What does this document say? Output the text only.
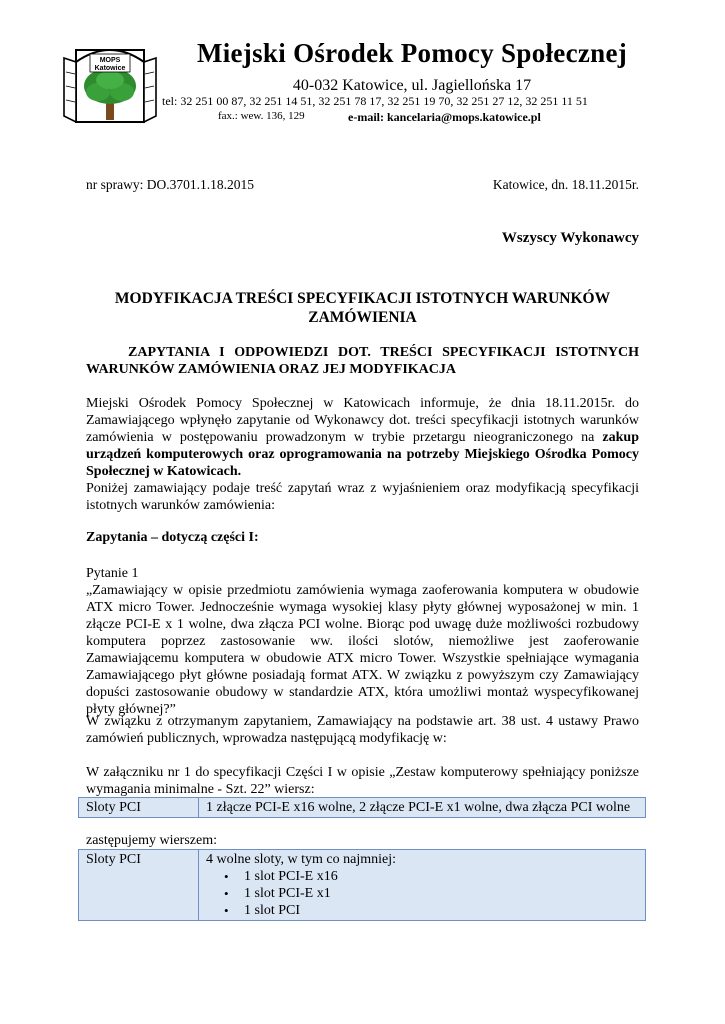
MOPS
Katowice
Miejski Ośrodek Pomocy Społecznej
40-032 Katowice, ul. Jagiellońska 17
tel: 32 251 00 87, 32 251 14 51, 32 251 78 17, 32 251 19 70, 32 251 27 12, 32 251 11 51
fax.: wew. 136, 129	e-mail: kancelaria@mops.katowice.pl
nr sprawy: DO.3701.1.18.2015	Katowice, dn. 18.11.2015r.
Wszyscy Wykonawcy
MODYFIKACJA TREŚCI SPECYFIKACJI ISTOTNYCH WARUNKÓW ZAMÓWIENIA
ZAPYTANIA I ODPOWIEDZI DOT. TREŚCI SPECYFIKACJI ISTOTNYCH WARUNKÓW ZAMÓWIENIA ORAZ JEJ MODYFIKACJA
Miejski Ośrodek Pomocy Społecznej w Katowicach informuje, że dnia 18.11.2015r. do Zamawiającego wpłynęło zapytanie od Wykonawcy dot. treści specyfikacji istotnych warunków zamówienia w postępowaniu prowadzonym w trybie przetargu nieograniczonego na zakup urządzeń komputerowych oraz oprogramowania na potrzeby Miejskiego Ośrodka Pomocy Społecznej w Katowicach.
Poniżej zamawiający podaje treść zapytań wraz z wyjaśnieniem oraz modyfikacją specyfikacji istotnych warunków zamówienia:
Zapytania – dotyczą części I:
Pytanie 1
„Zamawiający w opisie przedmiotu zamówienia wymaga zaoferowania komputera w obudowie ATX micro Tower. Jednocześnie wymaga wysokiej klasy płyty głównej wyposażonej w min. 1 złącze PCI-E x 1 wolne, dwa złącza PCI wolne. Biorąc pod uwagę duże możliwości rozbudowy komputera poprzez zastosowanie ww. ilości slotów, niemożliwe jest zaoferowanie Zamawiającemu komputera w obudowie ATX micro Tower. Wszystkie spełniające wymagania Zamawiającego płyt główne posiadają format ATX. W związku z powyższym czy Zamawiający dopuści zastosowanie obudowy w standardzie ATX, która umożliwi montaż wyspecyfikowanej płyty głównej?”
W związku z otrzymanym zapytaniem, Zamawiający na podstawie art. 38 ust. 4 ustawy Prawo zamówień publicznych, wprowadza następującą modyfikację w:
W załączniku nr 1 do specyfikacji Części I w opisie „Zestaw komputerowy spełniający poniższe wymagania minimalne - Szt. 22” wiersz:
Sloty PCI	1 złącze PCI-E x16 wolne, 2 złącze PCI-E x1 wolne, dwa złącza PCI wolne
zastępujemy wierszem:
Sloty PCI	4 wolne sloty, w tym co najmniej:
• 1 slot PCI-E x16
• 1 slot PCI-E x1
• 1 slot PCI
